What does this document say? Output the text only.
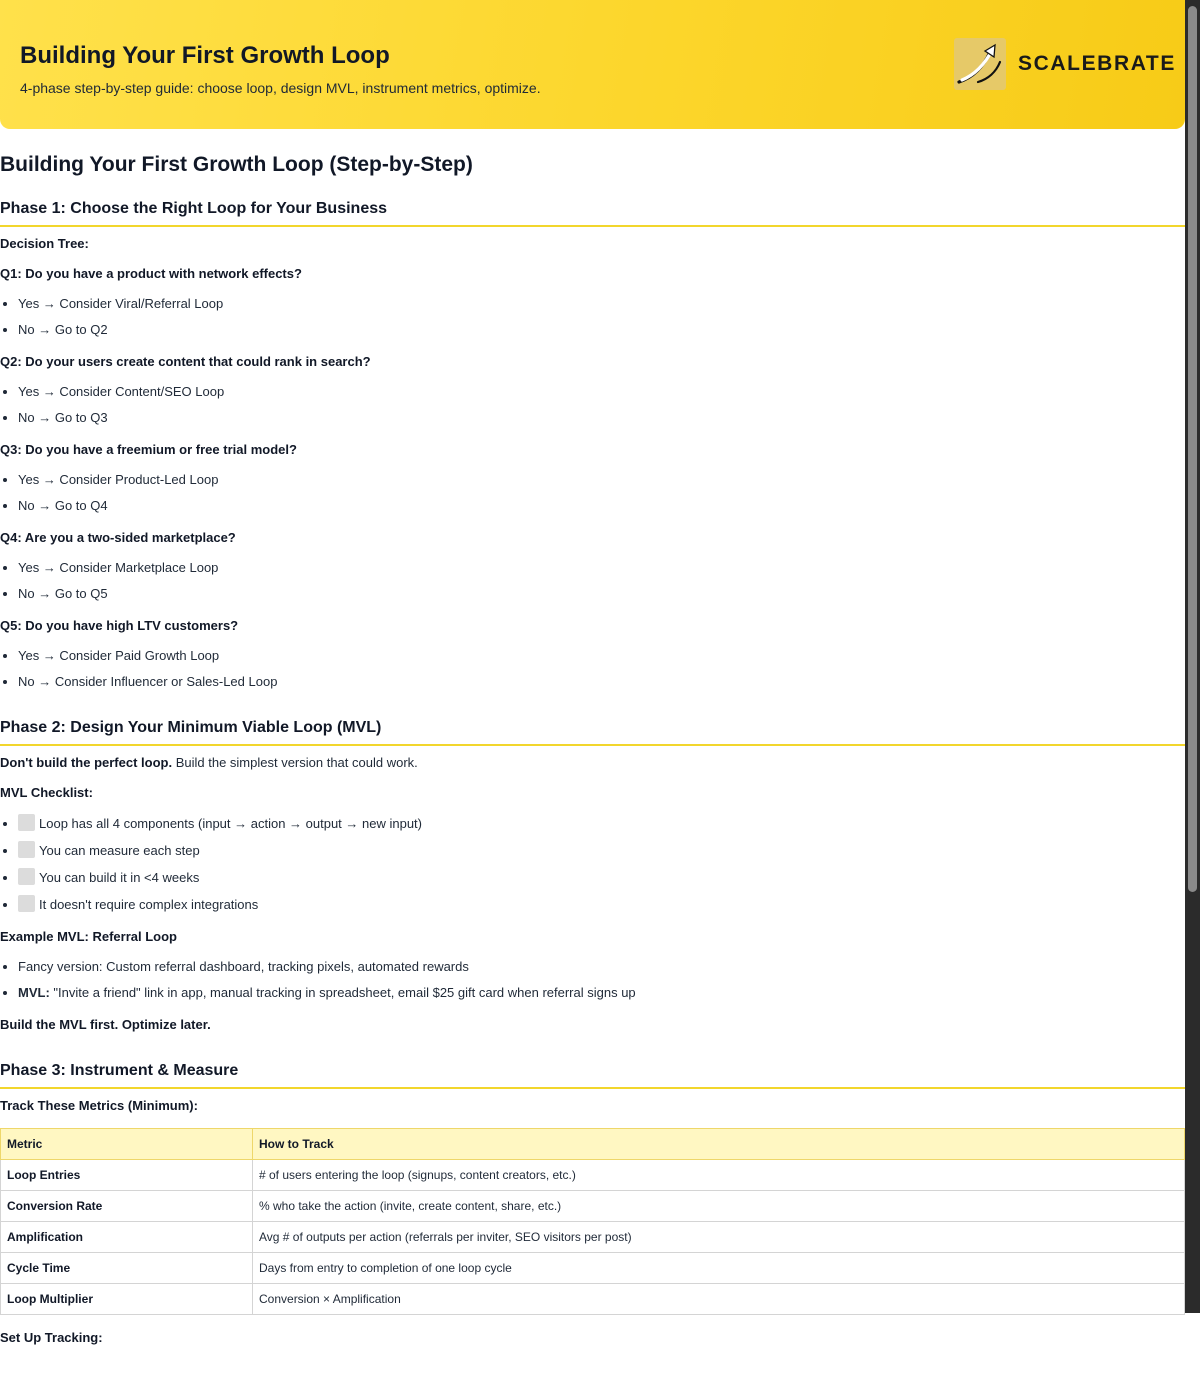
Building Your First Growth Loop

4-phase step-by-step guide: choose loop, design MVL, instrument metrics, optimize.

SCALEBRATE
Building Your First Growth Loop (Step-by-Step)
Phase 1: Choose the Right Loop for Your Business

Decision Tree:

Q1: Do you have a product with network effects?

• Yes → Consider Viral/Referral Loop
• No → Go to Q2

Q2: Do your users create content that could rank in search?

• Yes → Consider Content/SEO Loop
• No → Go to Q3

Q3: Do you have a freemium or free trial model?

• Yes → Consider Product-Led Loop
• No → Go to Q4

Q4: Are you a two-sided marketplace?

• Yes → Consider Marketplace Loop
• No → Go to Q5

Q5: Do you have high LTV customers?

• Yes → Consider Paid Growth Loop
• No → Consider Influencer or Sales-Led Loop
Phase 2: Design Your Minimum Viable Loop (MVL)

Don't build the perfect loop. Build the simplest version that could work.

MVL Checklist:

• Loop has all 4 components (input → action → output → new input)
• You can measure each step
• You can build it in <4 weeks
• It doesn't require complex integrations

Example MVL: Referral Loop

• Fancy version: Custom referral dashboard, tracking pixels, automated rewards
• MVL: "Invite a friend" link in app, manual tracking in spreadsheet, email $25 gift card when referral signs up

Build the MVL first. Optimize later.

Phase 3: Instrument & Measure

Track These Metrics (Minimum):

Metric	How to Track
Loop Entries	# of users entering the loop (signups, content creators, etc.)
Conversion Rate	% who take the action (invite, create content, share, etc.)
Amplification	Avg # of outputs per action (referrals per inviter, SEO visitors per post)
Cycle Time	Days from entry to completion of one loop cycle
Loop Multiplier	Conversion × Amplification

Set Up Tracking:
